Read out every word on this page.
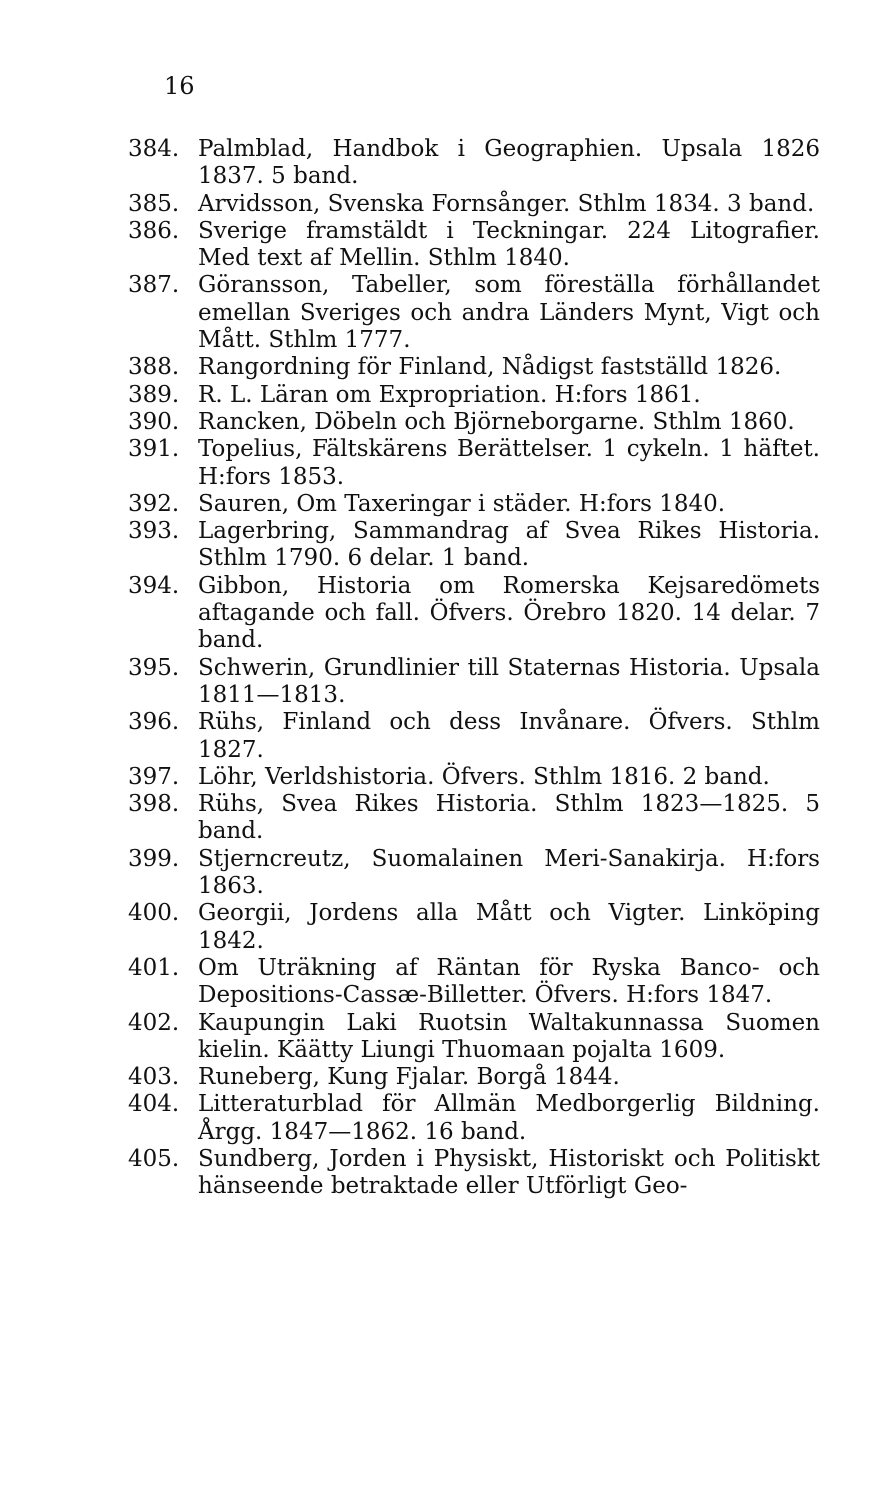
16
384. Palmblad, Handbok i Geographien. Upsala 1826 1837. 5 band.
385. Arvidsson, Svenska Fornsånger. Sthlm 1834. 3 band.
386. Sverige framstäldt i Teckningar. 224 Litografier. Med text af Mellin. Sthlm 1840.
387. Göransson, Tabeller, som föreställa förhållandet emellan Sveriges och andra Länders Mynt, Vigt och Mått. Sthlm 1777.
388. Rangordning för Finland, Nådigst fastställd 1826.
389. R. L. Läran om Expropriation. H:fors 1861.
390. Rancken, Döbeln och Björneborgarne. Sthlm 1860.
391. Topelius, Fältskärens Berättelser. 1 cykeln. 1 häftet. H:fors 1853.
392. Sauren, Om Taxeringar i städer. H:fors 1840.
393. Lagerbring, Sammandrag af Svea Rikes Historia. Sthlm 1790. 6 delar. 1 band.
394. Gibbon, Historia om Romerska Kejsaredömets aftagande och fall. Öfvers. Örebro 1820. 14 delar. 7 band.
395. Schwerin, Grundlinier till Staternas Historia. Upsala 1811—1813.
396. Rühs, Finland och dess Invånare. Öfvers. Sthlm 1827.
397. Löhr, Verldshistoria. Öfvers. Sthlm 1816. 2 band.
398. Rühs, Svea Rikes Historia. Sthlm 1823—1825. 5 band.
399. Stjerncreutz, Suomalainen Meri-Sanakirja. H:fors 1863.
400. Georgii, Jordens alla Mått och Vigter. Linköping 1842.
401. Om Uträkning af Räntan för Ryska Banco- och Depositions-Cassæ-Billetter. Öfvers. H:fors 1847.
402. Kaupungin Laki Ruotsin Waltakunnassa Suomen kielin. Käätty Liungi Thuomaan pojalta 1609.
403. Runeberg, Kung Fjalar. Borgå 1844.
404. Litteraturblad för Allmän Medborgerlig Bildning. Årgg. 1847—1862. 16 band.
405. Sundberg, Jorden i Physiskt, Historiskt och Politiskt hänseende betraktade eller Utförligt Geo-
